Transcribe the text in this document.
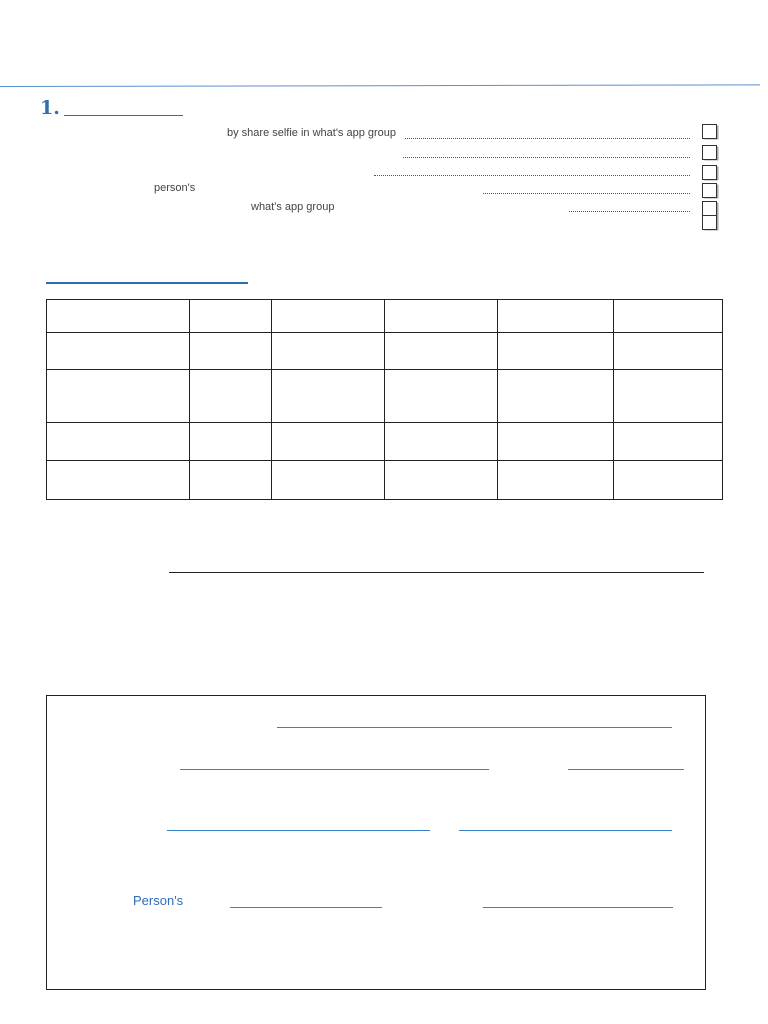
1.
by share selfie in what's app group
person's
what's app group

Person's
